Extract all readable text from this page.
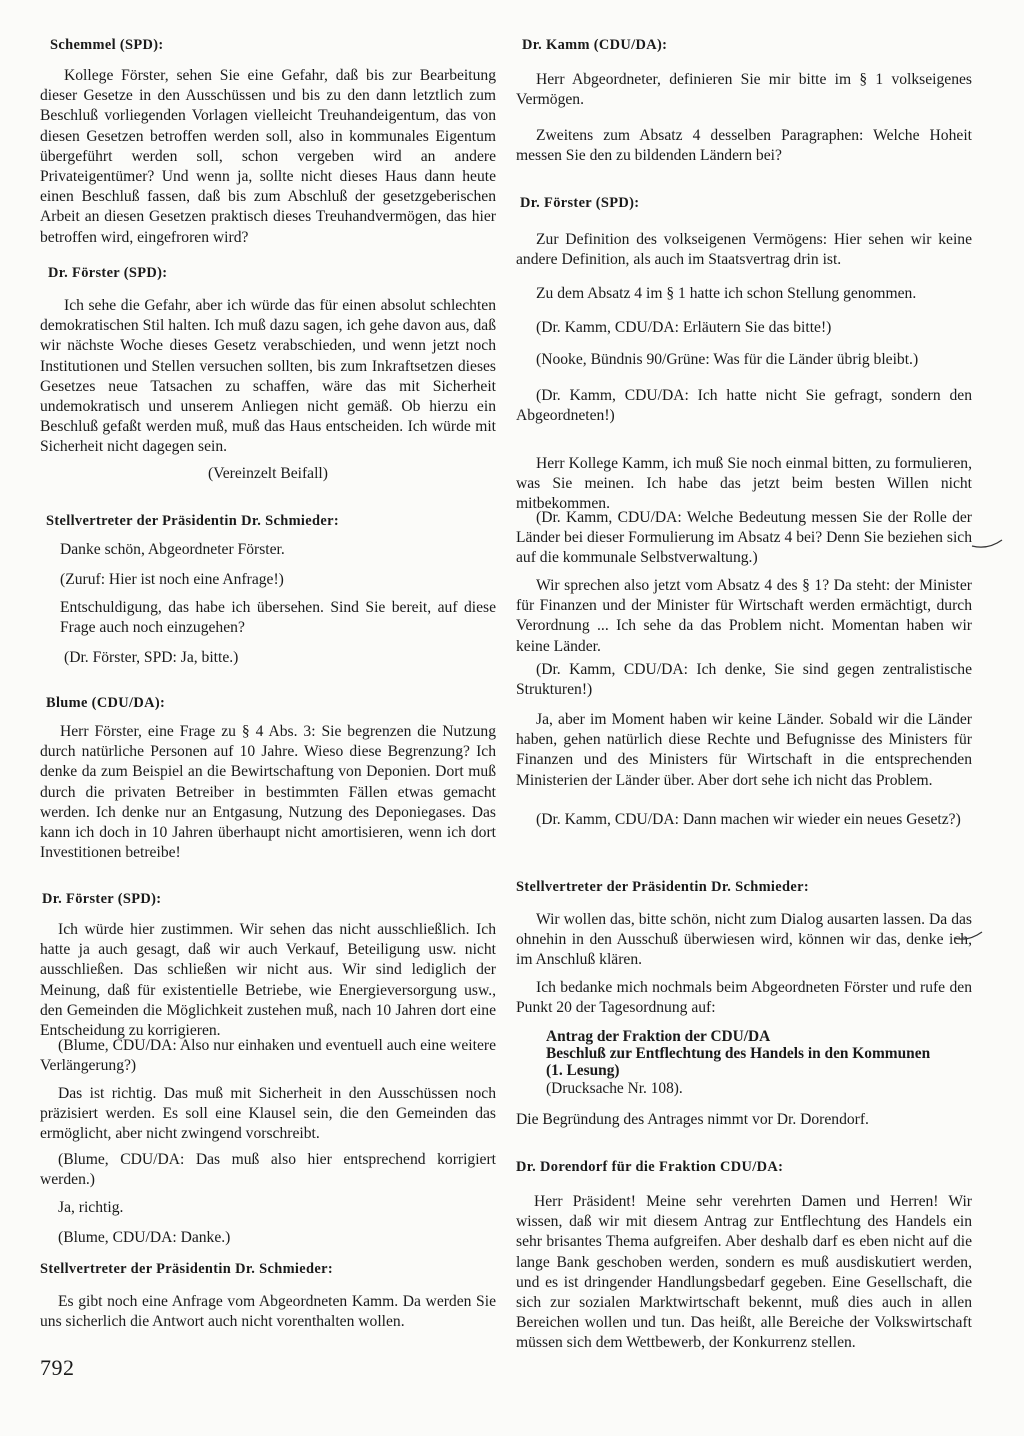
Schemmel (SPD):

Kollege Förster, sehen Sie eine Gefahr, daß bis zur Bearbeitung dieser Gesetze in den Ausschüssen und bis zu den dann letztlich zum Beschluß vorliegenden Vorlagen vielleicht Treuhandeigentum, das von diesen Gesetzen betroffen werden soll, also in kommunales Eigentum übergeführt werden soll, schon vergeben wird an andere Privateigentümer? Und wenn ja, sollte nicht dieses Haus dann heute einen Beschluß fassen, daß bis zum Abschluß der gesetzgeberischen Arbeit an diesen Gesetzen praktisch dieses Treuhandvermögen, das hier betroffen wird, eingefroren wird?

Dr. Förster (SPD):

Ich sehe die Gefahr, aber ich würde das für einen absolut schlechten demokratischen Stil halten. Ich muß dazu sagen, ich gehe davon aus, daß wir nächste Woche dieses Gesetz verabschieden, und wenn jetzt noch Institutionen und Stellen versuchen sollten, bis zum Inkraftsetzen dieses Gesetzes neue Tatsachen zu schaffen, wäre das mit Sicherheit undemokratisch und unserem Anliegen nicht gemäß. Ob hierzu ein Beschluß gefaßt werden muß, muß das Haus entscheiden. Ich würde mit Sicherheit nicht dagegen sein.

(Vereinzelt Beifall)

Stellvertreter der Präsidentin Dr. Schmieder:

Danke schön, Abgeordneter Förster.

(Zuruf: Hier ist noch eine Anfrage!)

Entschuldigung, das habe ich übersehen. Sind Sie bereit, auf diese Frage auch noch einzugehen?

(Dr. Förster, SPD: Ja, bitte.)

Blume (CDU/DA):

Herr Förster, eine Frage zu § 4 Abs. 3: Sie begrenzen die Nutzung durch natürliche Personen auf 10 Jahre. Wieso diese Begrenzung? Ich denke da zum Beispiel an die Bewirtschaftung von Deponien. Dort muß durch die privaten Betreiber in bestimmten Fällen etwas gemacht werden. Ich denke nur an Entgasung, Nutzung des Deponiegases. Das kann ich doch in 10 Jahren überhaupt nicht amortisieren, wenn ich dort Investitionen betreibe!

Dr. Förster (SPD):

Ich würde hier zustimmen. Wir sehen das nicht ausschließlich. Ich hatte ja auch gesagt, daß wir auch Verkauf, Beteiligung usw. nicht ausschließen. Das schließen wir nicht aus. Wir sind lediglich der Meinung, daß für existentielle Betriebe, wie Energieversorgung usw., den Gemeinden die Möglichkeit zustehen muß, nach 10 Jahren dort eine Entscheidung zu korrigieren.

(Blume, CDU/DA: Also nur einhaken und eventuell auch eine weitere Verlängerung?)

Das ist richtig. Das muß mit Sicherheit in den Ausschüssen noch präzisiert werden. Es soll eine Klausel sein, die den Gemeinden das ermöglicht, aber nicht zwingend vorschreibt.

(Blume, CDU/DA: Das muß also hier entsprechend korrigiert werden.)

Ja, richtig.

(Blume, CDU/DA: Danke.)

Stellvertreter der Präsidentin Dr. Schmieder:

Es gibt noch eine Anfrage vom Abgeordneten Kamm. Da werden Sie uns sicherlich die Antwort auch nicht vorenthalten wollen.

Dr. Kamm (CDU/DA):

Herr Abgeordneter, definieren Sie mir bitte im § 1 volkseigenes Vermögen.

Zweitens zum Absatz 4 desselben Paragraphen: Welche Hoheit messen Sie den zu bildenden Ländern bei?

Dr. Förster (SPD):

Zur Definition des volkseigenen Vermögens: Hier sehen wir keine andere Definition, als auch im Staatsvertrag drin ist.

Zu dem Absatz 4 im § 1 hatte ich schon Stellung genommen.

(Dr. Kamm, CDU/DA: Erläutern Sie das bitte!)

(Nooke, Bündnis 90/Grüne: Was für die Länder übrig bleibt.)

(Dr. Kamm, CDU/DA: Ich hatte nicht Sie gefragt, sondern den Abgeordneten!)

Herr Kollege Kamm, ich muß Sie noch einmal bitten, zu formulieren, was Sie meinen. Ich habe das jetzt beim besten Willen nicht mitbekommen.

(Dr. Kamm, CDU/DA: Welche Bedeutung messen Sie der Rolle der Länder bei dieser Formulierung im Absatz 4 bei? Denn Sie beziehen sich auf die kommunale Selbstverwaltung.)

Wir sprechen also jetzt vom Absatz 4 des § 1? Da steht: der Minister für Finanzen und der Minister für Wirtschaft werden ermächtigt, durch Verordnung ... Ich sehe da das Problem nicht. Momentan haben wir keine Länder.

(Dr. Kamm, CDU/DA: Ich denke, Sie sind gegen zentralistische Strukturen!)

Ja, aber im Moment haben wir keine Länder. Sobald wir die Länder haben, gehen natürlich diese Rechte und Befugnisse des Ministers für Finanzen und des Ministers für Wirtschaft in die entsprechenden Ministerien der Länder über. Aber dort sehe ich nicht das Problem.

(Dr. Kamm, CDU/DA: Dann machen wir wieder ein neues Gesetz?)

Stellvertreter der Präsidentin Dr. Schmieder:

Wir wollen das, bitte schön, nicht zum Dialog ausarten lassen. Da das ohnehin in den Ausschuß überwiesen wird, können wir das, denke ich, im Anschluß klären.

Ich bedanke mich nochmals beim Abgeordneten Förster und rufe den Punkt 20 der Tagesordnung auf:

Antrag der Fraktion der CDU/DA
Beschluß zur Entflechtung des Handels in den Kommunen
(1. Lesung)
(Drucksache Nr. 108).

Die Begründung des Antrages nimmt vor Dr. Dorendorf.

Dr. Dorendorf für die Fraktion CDU/DA:

Herr Präsident! Meine sehr verehrten Damen und Herren! Wir wissen, daß wir mit diesem Antrag zur Entflechtung des Handels ein sehr brisantes Thema aufgreifen. Aber deshalb darf es eben nicht auf die lange Bank geschoben werden, sondern es muß ausdiskutiert werden, und es ist dringender Handlungsbedarf gegeben. Eine Gesellschaft, die sich zur sozialen Marktwirtschaft bekennt, muß dies auch in allen Bereichen wollen und tun. Das heißt, alle Bereiche der Volkswirtschaft müssen sich dem Wettbewerb, der Konkurrenz stellen.

792
